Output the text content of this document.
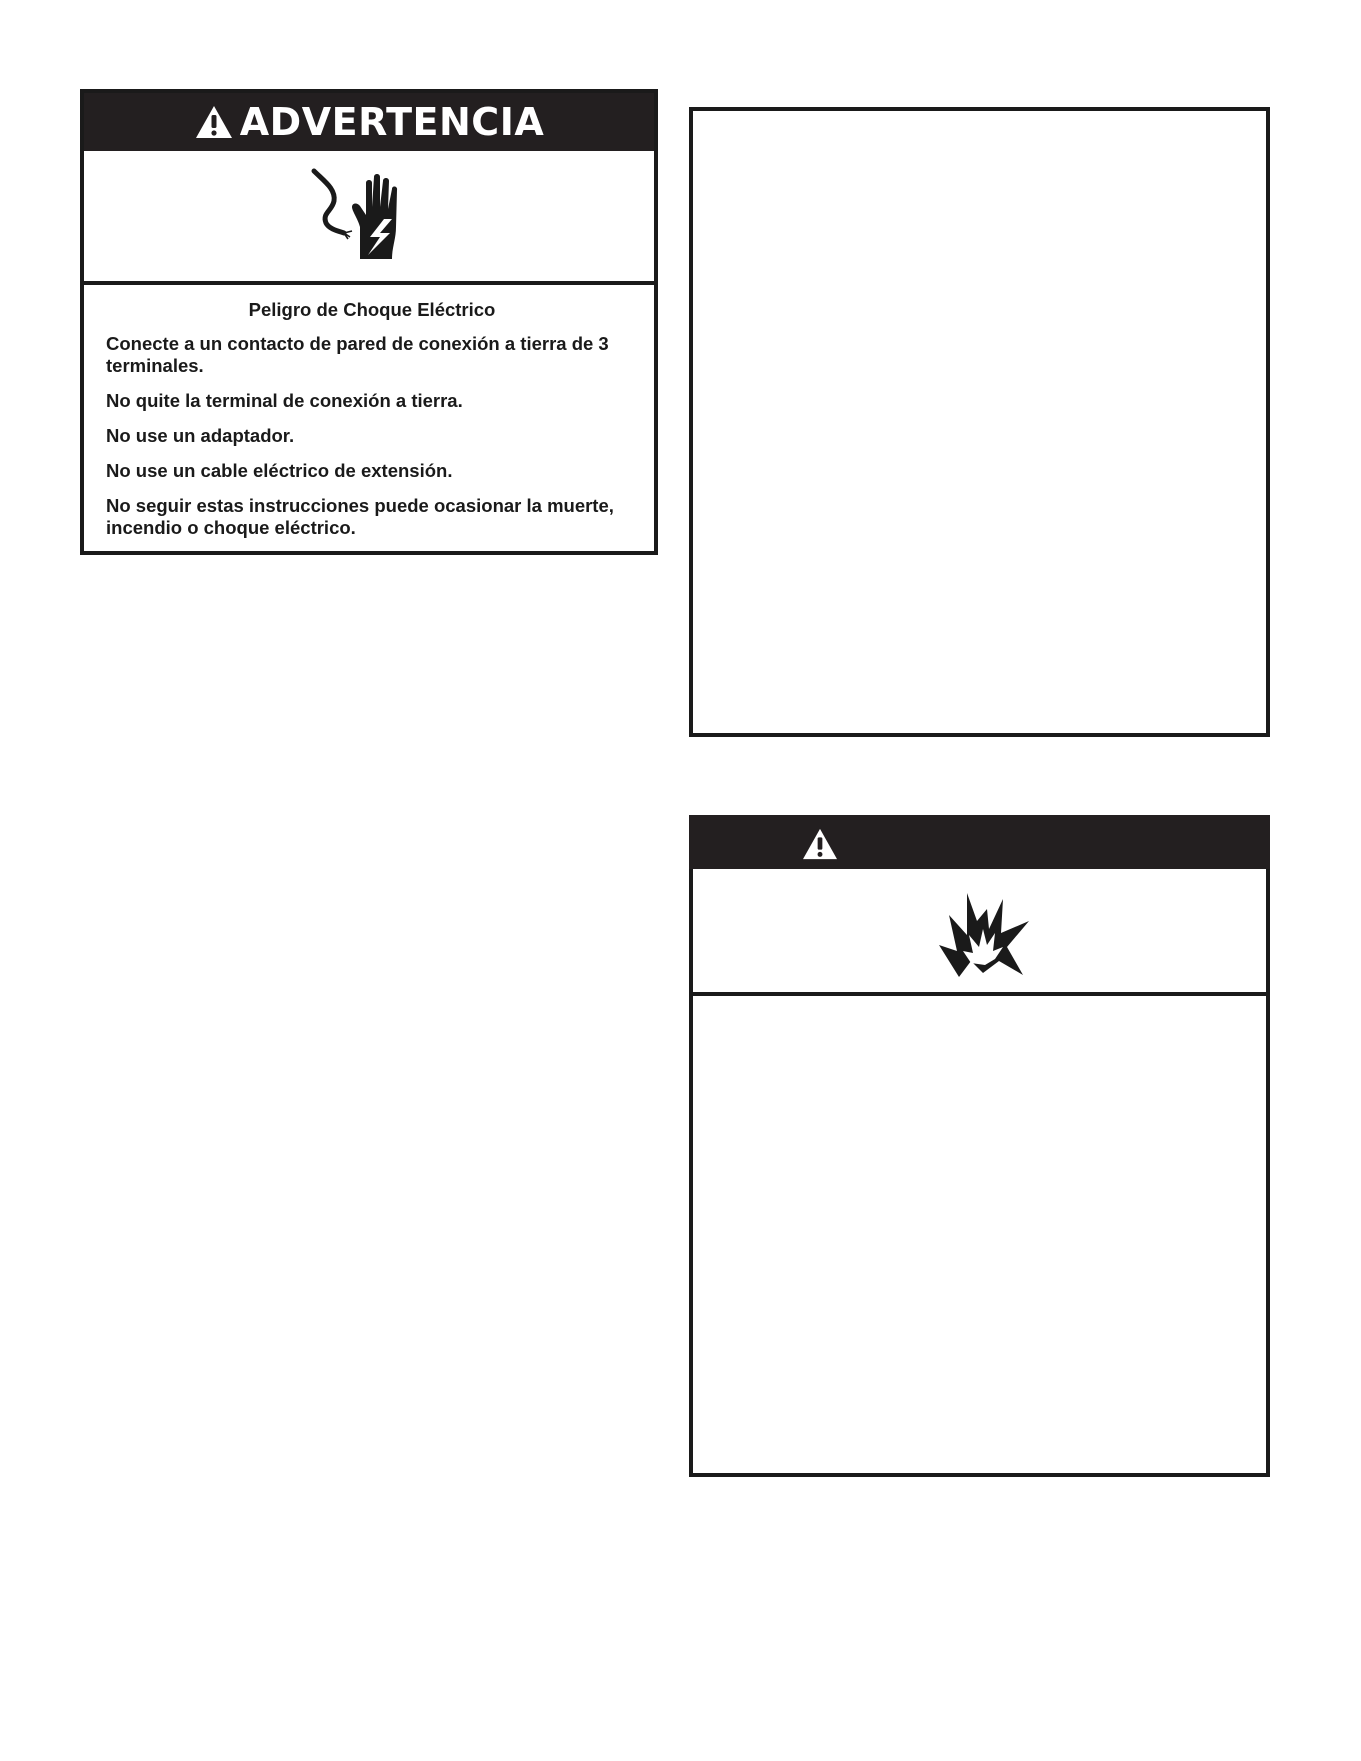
ADVERTENCIA
Peligro de Choque Eléctrico

Conecte a un contacto de pared de conexión a tierra de 3 terminales.

No quite la terminal de conexión a tierra.

No use un adaptador.

No use un cable eléctrico de extensión.

No seguir estas instrucciones puede ocasionar la muerte, incendio o choque eléctrico.
